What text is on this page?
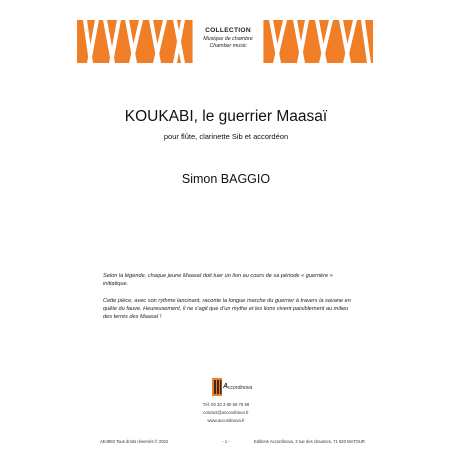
COLLECTION
Musique de chambre
Chamber music
KOUKABI, le guerrier Maasaï
pour flûte, clarinette Sib et accordéon
Simon BAGGIO
Selon la légende, chaque jeune Maasaï doit tuer un lion au cours de sa période « guerrière » initiatique.
Cette pièce, avec son rythme lancinant, raconte la longue marche du guerrier à travers la savane en quête du fauve. Heureusement, il ne s'agit que d'un mythe et les lions vivent paisiblement au milieu des terres des Maasaï !
A ccordinova
Tél. 00 33 3 80 59 75 58
contact@accordinova.fr
www.accordinova.fr
AE4860 Tous droits réservés © 2022	- 1 -	Editions Accordinova, 3 rue des chaumes, 71 620 MATOUR
